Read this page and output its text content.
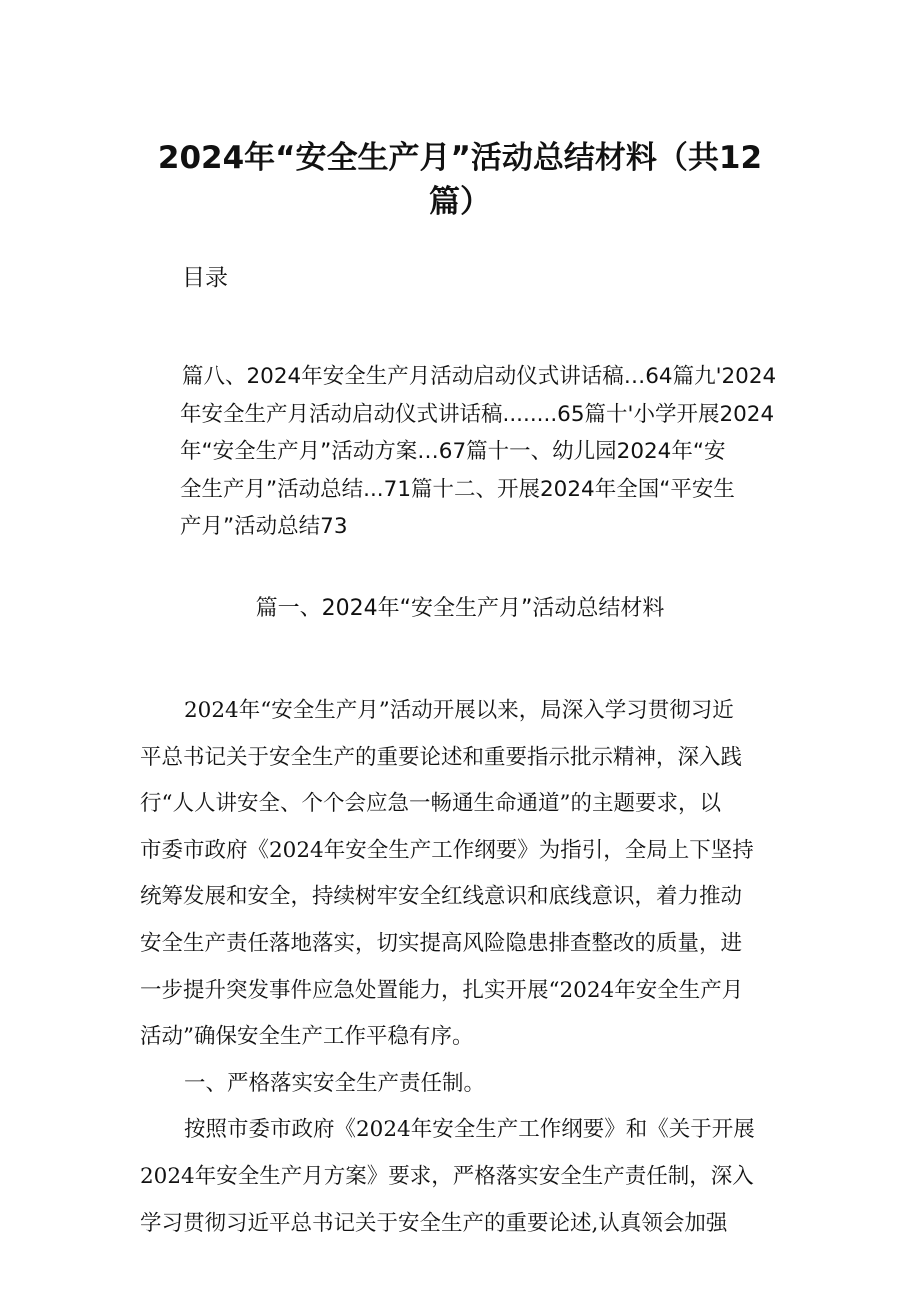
2024年“安全生产月”活动总结材料（共12
篇）
目录
篇八、2024年安全生产月活动启动仪式讲话稿…64篇九'2024
年安全生产月活动启动仪式讲话稿........65篇十'小学开展2024
年“安全生产月”活动方案…67篇十一、幼儿园2024年“安
全生产月”活动总结...71篇十二、开展2024年全国“平安生
产月”活动总结73
篇一、2024年“安全生产月”活动总结材料
2024年“安全生产月”活动开展以来，局深入学习贯彻习近
平总书记关于安全生产的重要论述和重要指示批示精神，深入践
行“人人讲安全、个个会应急一畅通生命通道”的主题要求，以
市委市政府《2024年安全生产工作纲要》为指引，全局上下坚持
统筹发展和安全，持续树牢安全红线意识和底线意识，着力推动
安全生产责任落地落实，切实提高风险隐患排查整改的质量，进
一步提升突发事件应急处置能力，扎实开展“2024年安全生产月
活动”确保安全生产工作平稳有序。
一、严格落实安全生产责任制。
按照市委市政府《2024年安全生产工作纲要》和《关于开展
2024年安全生产月方案》要求，严格落实安全生产责任制，深入
学习贯彻习近平总书记关于安全生产的重要论述,认真领会加强
